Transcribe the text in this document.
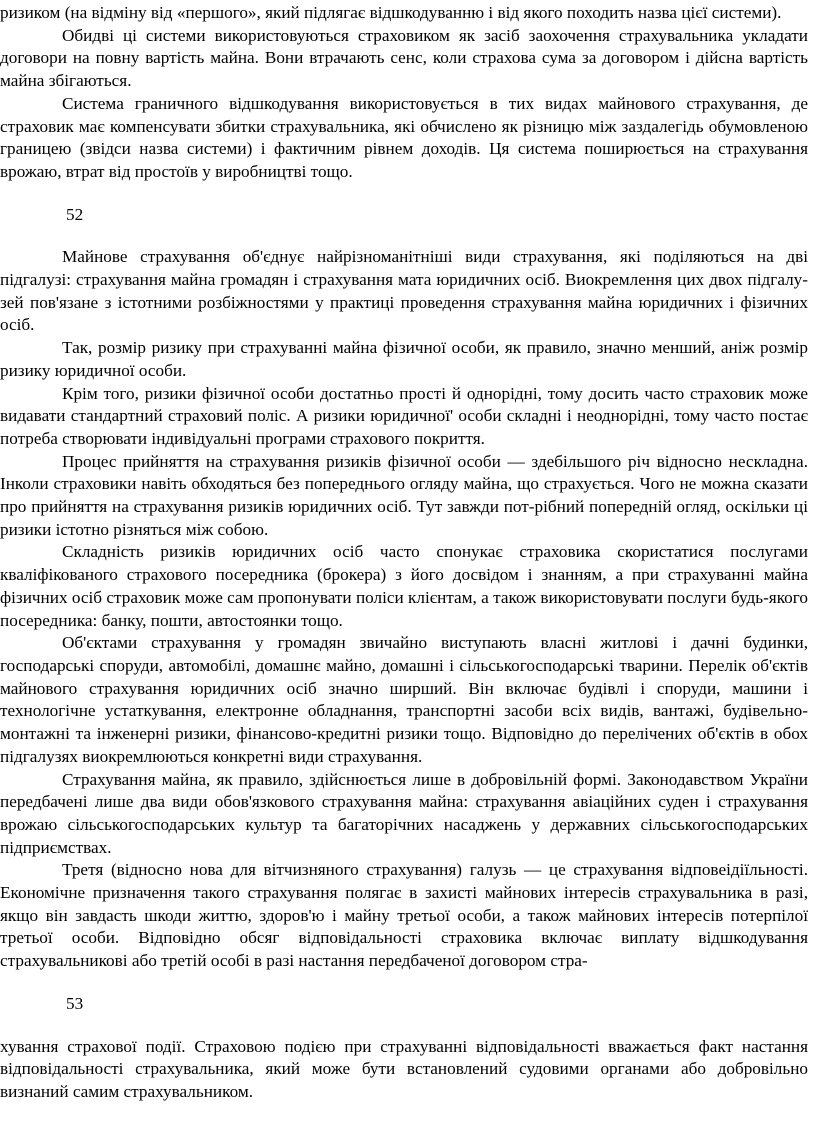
ризиком (на відміну від «першого», який підлягає відшкодуванню і від якого походить назва цієї системи).

Обидві ці системи використовуються страховиком як засіб заохочення страхувальника укладати договори на повну вартість майна. Вони втрачають сенс, коли страхова сума за договором і дійсна вартість майна збігаються.

Система граничного відшкодування використовується в тих видах майнового страхування, де страховик має компенсувати збитки страхувальника, які обчислено як різницю між заздалегідь обумовленою границею (звідси назва системи) і фактичним рівнем доходів. Ця система поширюється на страхування врожаю, втрат від простоїв у виробництві тощо.

52

Майнове страхування об'єднує найрізноманітніші види страхування, які поділяються на дві підгалузі: страхування майна громадян і страхування мата юридичних осіб. Виокремлення цих двох підгалу-зей пов'язане з істотними розбіжностями у практиці проведення страхування майна юридичних і фізичних осіб.

Так, розмір ризику при страхуванні майна фізичної особи, як правило, значно менший, аніж розмір ризику юридичної особи.

Крім того, ризики фізичної особи достатньо прості й однорідні, тому досить часто страховик може видавати стандартний страховий поліс. А ризики юридичної' особи складні і неоднорідні, тому часто постає потреба створювати індивідуальні програми страхового покриття.

Процес прийняття на страхування ризиків фізичної особи — здебільшого річ відносно нескладна. Інколи страховики навіть обходяться без попереднього огляду майна, що страхується. Чого не можна сказати про прийняття на страхування ризиків юридичних осіб. Тут завжди пот-рібний попередній огляд, оскільки ці ризики істотно різняться між собою.

Складність ризиків юридичних осіб часто спонукає страховика скористатися послугами кваліфікованого страхового посередника (брокера) з його досвідом і знанням, а при страхуванні майна фізичних осіб страховик може сам пропонувати поліси клієнтам, а також використовувати послуги будь-якого посередника: банку, пошти, автостоянки тощо.

Об'єктами страхування у громадян звичайно виступають власні житлові і дачні будинки, господарські споруди, автомобілі, домашнє майно, домашні і сільськогосподарські тварини. Перелік об'єктів майнового страхування юридичних осіб значно ширший. Він включає будівлі і споруди, машини і технологічне устаткування, електронне обладнання, транспортні засоби всіх видів, вантажі, будівельно-монтажні та інженерні ризики, фінансово-кредитні ризики тощо. Відповідно до перелічених об'єктів в обох підгалузях виокремлюються конкретні види страхування.

Страхування майна, як правило, здійснюється лише в добровільній формі. Законодавством України передбачені лише два види обов'язкового страхування майна: страхування авіаційних суден і страхування врожаю сільськогосподарських культур та багаторічних насаджень у державних сільськогосподарських підприємствах.

Третя (відносно нова для вітчизняного страхування) галузь — це страхування відповеідіїльності. Економічне призначення такого страхування полягає в захисті майнових інтересів страхувальника в разі, якщо він завдасть шкоди життю, здоров'ю і майну третьої особи, а також майнових інтересів потерпілої третьої особи. Відповідно обсяг відповідальності страховика включає виплату відшкодування страхувальникові або третій особі в разі настання передбаченої договором стра-

53

хування страхової події. Страховою подією при страхуванні відповідальності вважається факт настання відповідальності страхувальника, який може бути встановлений судовими органами або добровільно визнаний самим страхувальником.
